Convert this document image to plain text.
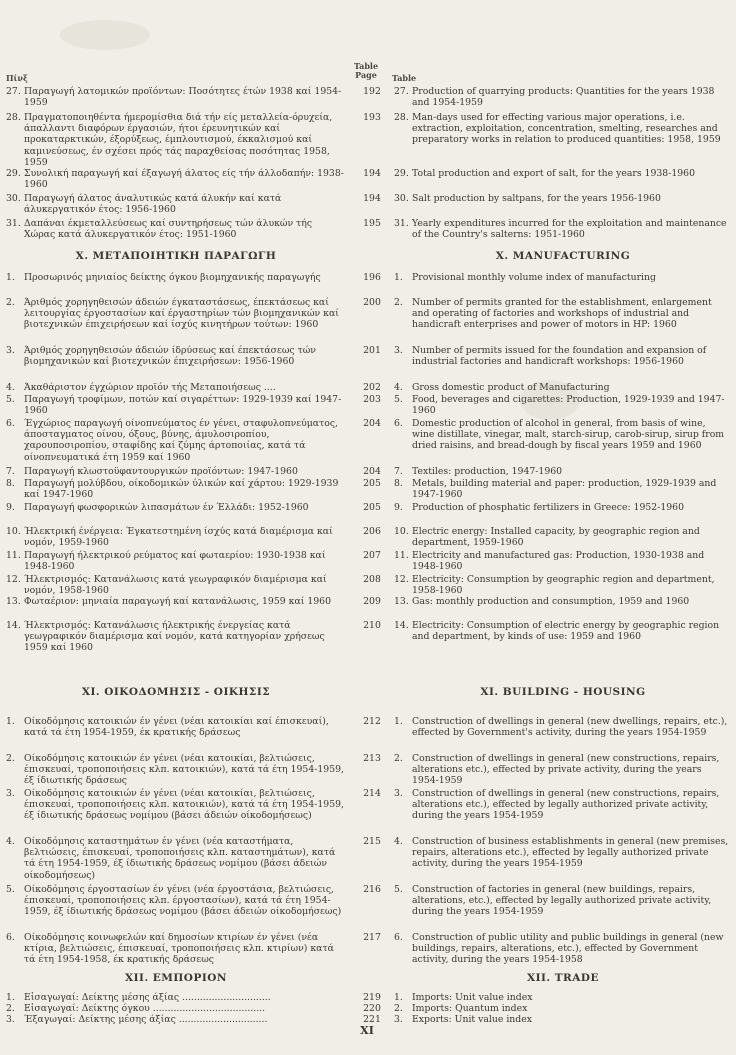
Πίνξ
Table
Page	Table
27. Παραγωγή λατομικών προϊόντων: Ποσότητες έτών 1938 καί 1954-1959
192	27. Production of quarrying products: Quantities for the years 1938 and 1954-1959
28. Πραγματοποιηθέντα ήμερομίσθια διά τήν είς μεταλλεία-όρυχεία, άπαλλαντι διαφόρων έργασιών, ήτοι έρευνητικών καί προκαταρκτικών, έξορύξεως, έμπλουτισμού, έκκαλισμού καί καμινεύσεως, έν σχέσει πρός τάς παραχθείσας ποσότητας 1958, 1959
193	28. Man-days used for effecting various major operations, i.e. extraction, exploitation, concentration, smelting, researches and preparatory works in relation to produced quantities: 1958, 1959
29. Συνολική παραγωγή καί έξαγωγή άλατος είς τήν άλλοδαπήν: 1938-1960
194	29. Total production and export of salt, for the years 1938-1960
30. Παραγωγή άλατος άναλυτικώς κατά άλυκήν καί κατά άλυκεργατικόν έτος: 1956-1960
194	30. Salt production by saltpans, for the years 1956-1960
31. Δαπάναι έκμεταλλεύσεως καί συντηρήσεως τών άλυκών τής Χώρας κατά άλυκεργατικόν έτος: 1951-1960
195	31. Yearly expenditures incurred for the exploitation and maintenance of the Country's salterns: 1951-1960
X. ΜΕΤΑΠΟΙΗΤΙΚΗ ΠΑΡΑΓΩΓΗ	X. MANUFACTURING
1. Προσωρινός μηνιαίος δείκτης όγκου βιομηχανικής παραγωγής	196	1. Provisional monthly volume index of manufacturing
2. Άριθμός χορηγηθεισών άδειών έγκαταστάσεως, έπεκτάσεως καί λειτουργίας έργοστασίων καί έργαστηρίων τών βιομηχανικών καί βιοτεχνικών έπιχειρήσεων καί ίσχύς κινητήρων τούτων: 1960
200	2. Number of permits granted for the establishment, enlargement and operating of factories and workshops of industrial and handicraft enterprises and power of motors in HP: 1960
3. Άριθμός χορηγηθεισών άδειών ίδρύσεως καί έπεκτάσεως τών βιομηχανικών καί βιοτεχνικών έπιχειρήσεων: 1956-1960
201	3. Number of permits issued for the foundation and expansion of industrial factories and handicraft workshops: 1956-1960
4. Άκαθάριστον έγχώριον προϊόν τής Μεταποιήσεως ....	202	4. Gross domestic product of Manufacturing
5. Παραγωγή τροφίμων, ποτών καί σιγαρέττων: 1929-1939 καί 1947-1960
203	5. Food, beverages and cigarettes: Production, 1929-1939 and 1947-1960
6. Έγχώριος παραγωγή οίνοπνεύματος έν γένει, σταφυλοπνεύματος, άποσταγματος οίνου, όξους, βύνης, άμυλοσιροπίου, χαρουποσιροπίου, σταφίδης καί ζύμης άρτοποιίας, κατά τά οίνοπνευματικά έτη 1959 καί 1960
204	6. Domestic production of alcohol in general, from basis of wine, wine distillate, vinegar, malt, starch-sirup, carob-sirup, sirup from dried raisins, and bread-dough by fiscal years 1959 and 1960
7. Παραγωγή κλωστοϋφαντουργικών προϊόντων: 1947-1960	204	7. Textiles: production, 1947-1960
8. Παραγωγή μολύβδου, οίκοδομικών ύλικών καί χάρτου: 1929-1939 καί 1947-1960
205	8. Metals, building material and paper: production, 1929-1939 and 1947-1960
9. Παραγωγή φωσφορικών λιπασμάτων έν Έλλάδι: 1952-1960	205	9. Production of phosphatic fertilizers in Greece: 1952-1960
10. Ήλεκτρική ένέργεια: Έγκατεστημένη ίσχύς κατά διαμέρισμα καί νομόν, 1959-1960
206	10. Electric energy: Installed capacity, by geographic region and department, 1959-1960
11. Παραγωγή ήλεκτρικού ρεύματος καί φωταερίου: 1930-1938 καί 1948-1960
207	11. Electricity and manufactured gas: Production, 1930-1938 and 1948-1960
12. Ήλεκτρισμός: Κατανάλωσις κατά γεωγραφικόν διαμέρισμα καί νομόν, 1958-1960
208	12. Electricity: Consumption by geographic region and department, 1958-1960
13. Φωταέριον: μηνιαία παραγωγή καί κατανάλωσις, 1959 καί 1960	209	13. Gas: monthly production and consumption, 1959 and 1960
14. Ήλεκτρισμός: Κατανάλωσις ήλεκτρικής ένεργείας κατά γεωγραφικόν διαμέρισμα καί νομόν, κατά κατηγορίαν χρήσεως 1959 καί 1960
210	14. Electricity: Consumption of electric energy by geographic region and department, by kinds of use: 1959 and 1960
XI. ΟΙΚΟΔΟΜΗΣΙΣ - ΟΙΚΗΣΙΣ	XI. BUILDING - HOUSING
1. Οίκοδόμησις κατοικιών έν γένει (νέαι κατοικίαι καί έπισκευαί), κατά τά έτη 1954-1959, έκ κρατικής δράσεως
212	1. Construction of dwellings in general (new dwellings, repairs, etc.), effected by Government's activity, during the years 1954-1959
2. Οίκοδόμησις κατοικιών έν γένει (νέαι κατοικίαι, βελτιώσεις, έπισκευαί, τροποποιήσεις κλπ. κατοικιών), κατά τά έτη 1954-1959, έξ ίδιωτικής δράσεως
213	2. Construction of dwellings in general (new constructions, repairs, alterations etc.), effected by private activity, during the years 1954-1959
3. Οίκοδόμησις κατοικιών έν γένει (νέαι κατοικίαι, βελτιώσεις, έπισκευαί, τροποποιήσεις κλπ. κατοικιών), κατά τά έτη 1954-1959, έξ ίδιωτικής δράσεως νομίμου (βάσει άδειών οίκοδομήσεως)
214	3. Construction of dwellings in general (new constructions, repairs, alterations etc.), effected by legally authorized private activity, during the years 1954-1959
4. Οίκοδόμησις καταστημάτων έν γένει (νέα καταστήματα, βελτιώσεις, έπισκευαί, τροποποιήσεις κλπ. καταστημάτων), κατά τά έτη 1954-1959, έξ ίδιωτικής δράσεως νομίμου (βάσει άδειών οίκοδομήσεως)
215	4. Construction of business establishments in general (new premises, repairs, alterations etc.), effected by legally authorized private activity, during the years 1954-1959
5. Οίκοδόμησις έργοστασίων έν γένει (νέα έργοστάσια, βελτιώσεις, έπισκευαί, τροποποιήσεις κλπ. έργοστασίων), κατά τά έτη 1954-1959, έξ ίδιωτικής δράσεως νομίμου (βάσει άδειών οίκοδομήσεως)
216	5. Construction of factories in general (new buildings, repairs, alterations, etc.), effected by legally authorized private activity, during the years 1954-1959
6. Οίκοδόμησις κοινωφελών καί δημοσίων κτιρίων έν γένει (νέα κτίρια, βελτιώσεις, έπισκευαί, τροποποιήσεις κλπ. κτιρίων) κατά τά έτη 1954-1958, έκ κρατικής δράσεως
217	6. Construction of public utility and public buildings in general (new buildings, repairs, alterations, etc.), effected by Government activity, during the years 1954-1958
XII. ΕΜΠΟΡΙΟΝ	XII. TRADE
1. Εἰσαγωγαί: Δείκτης μέσης άξίας ..............................	219	1. Imports: Unit value index
2. Εἰσαγωγαί: Δείκτης όγκου ......................................	220	2. Imports: Quantum index
3. Έξαγωγαί: Δείκτης μέσης άξίας ..............................	221	3. Exports: Unit value index
XI
